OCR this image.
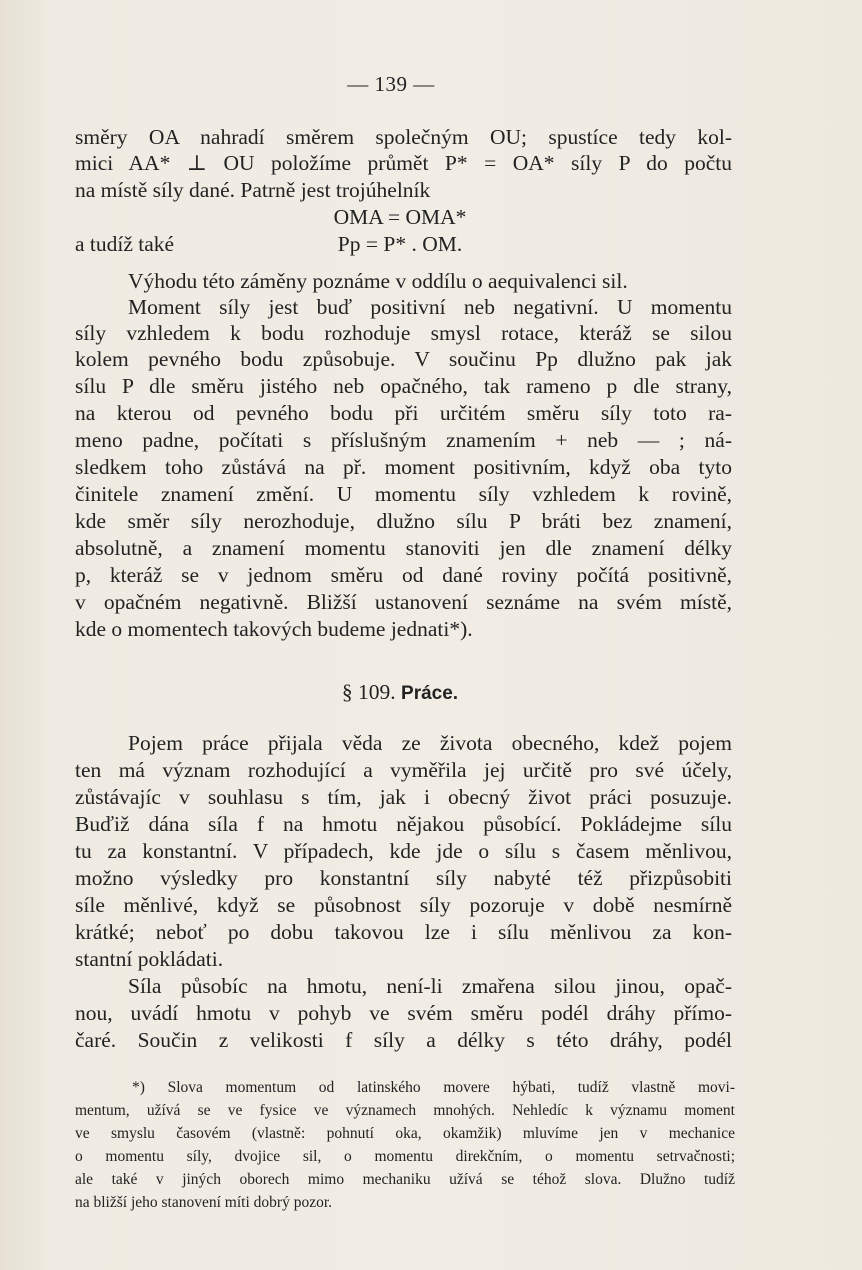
— 139 —
směry OA nahradí směrem společným OU; spustíce tedy kol-
mici AA* ⊥ OU položíme průmět P* = OA* síly P do počtu
na místě síly dané. Patrně jest trojúhelník
OMA = OMA*
a tudíž také	Pp = P* . OM.
Výhodu této záměny poznáme v oddílu o aequivalenci sil.
Moment síly jest buď positivní neb negativní. U momentu
síly vzhledem k bodu rozhoduje smysl rotace, kteráž se silou
kolem pevného bodu způsobuje. V součinu Pp dlužno pak jak
sílu P dle směru jistého neb opačného, tak rameno p dle strany,
na kterou od pevného bodu při určitém směru síly toto ra-
meno padne, počítati s příslušným znamením + neb — ; ná-
sledkem toho zůstává na př. moment positivním, když oba tyto
činitele znamení změní. U momentu síly vzhledem k rovině,
kde směr síly nerozhoduje, dlužno sílu P bráti bez znamení,
absolutně, a znamení momentu stanoviti jen dle znamení délky
p, kteráž se v jednom směru od dané roviny počítá positivně,
v opačném negativně. Bližší ustanovení seznáme na svém místě,
kde o momentech takových budeme jednati*).
§ 109. Práce.
Pojem práce přijala věda ze života obecného, kdež pojem
ten má význam rozhodující a vyměřila jej určitě pro své účely,
zůstávajíc v souhlasu s tím, jak i obecný život práci posuzuje.
Buďiž dána síla f na hmotu nějakou působící. Pokládejme sílu
tu za konstantní. V případech, kde jde o sílu s časem měnlivou,
možno výsledky pro konstantní síly nabyté též přizpůsobiti
síle měnlivé, když se působnost síly pozoruje v době nesmírně
krátké; neboť po dobu takovou lze i sílu měnlivou za kon-
stantní pokládati.
Síla působíc na hmotu, není-li zmařena silou jinou, opač-
nou, uvádí hmotu v pohyb ve svém směru podél dráhy přímo-
čaré. Součin z velikosti f síly a délky s této dráhy, podél
*) Slova momentum od latinského movere hýbati, tudíž vlastně movi-
mentum, užívá se ve fysice ve významech mnohých. Nehledíc k významu moment
ve smyslu časovém (vlastně: pohnutí oka, okamžik) mluvíme jen v mechanice
o momentu síly, dvojice sil, o momentu direkčním, o momentu setrvačnosti;
ale také v jiných oborech mimo mechaniku užívá se téhož slova. Dlužno tudíž
na bližší jeho stanovení míti dobrý pozor.
